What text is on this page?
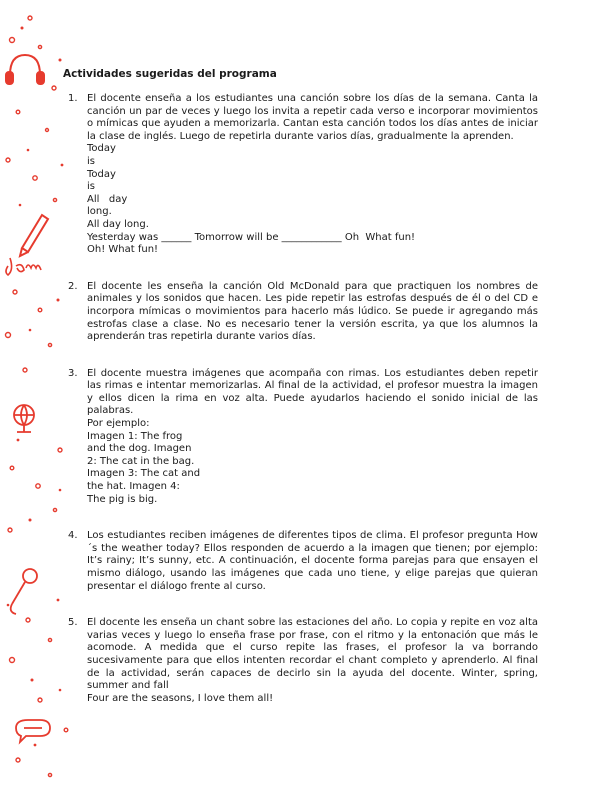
Actividades sugeridas del programa
1. El docente enseña a los estudiantes una canción sobre los días de la semana. Canta la canción un par de veces y luego los invita a repetir cada verso e incorporar movimientos o mímicas que ayuden a memorizarla. Cantan esta canción todos los días antes de iniciar la clase de inglés. Luego de repetirla durante varios días, gradualmente la aprenden.
Today
is
Today
is
All   day
long.
All day long.
Yesterday was ______ Tomorrow will be ____________ Oh  What fun!
Oh! What fun!
2. El docente les enseña la canción Old McDonald para que practiquen los nombres de animales y los sonidos que hacen. Les pide repetir las estrofas después de él o del CD e incorpora mímicas o movimientos para hacerlo más lúdico. Se puede ir agregando más estrofas clase a clase. No es necesario tener la versión escrita, ya que los alumnos la aprenderán tras repetirla durante varios días.
3. El docente muestra imágenes que acompaña con rimas. Los estudiantes deben repetir las rimas e intentar memorizarlas. Al final de la actividad, el profesor muestra la imagen y ellos dicen la rima en voz alta. Puede ayudarlos haciendo el sonido inicial de las palabras.
Por ejemplo:
Imagen 1: The frog
and the dog. Imagen
2: The cat in the bag.
Imagen 3: The cat and
the hat. Imagen 4:
The pig is big.
4. Los estudiantes reciben imágenes de diferentes tipos de clima. El profesor pregunta How´s the weather today? Ellos responden de acuerdo a la imagen que tienen; por ejemplo: It’s rainy; It’s sunny, etc. A continuación, el docente forma parejas para que ensayen el mismo diálogo, usando las imágenes que cada uno tiene, y elige parejas que quieran presentar el diálogo frente al curso.
5. El docente les enseña un chant sobre las estaciones del año. Lo copia y repite en voz alta varias veces y luego lo enseña frase por frase, con el ritmo y la entonación que más le acomode. A medida que el curso repite las frases, el profesor la va borrando sucesivamente para que ellos intenten recordar el chant completo y aprenderlo. Al final de la actividad, serán capaces de decirlo sin la ayuda del docente. Winter, spring, summer and fall
Four are the seasons, I love them all!
